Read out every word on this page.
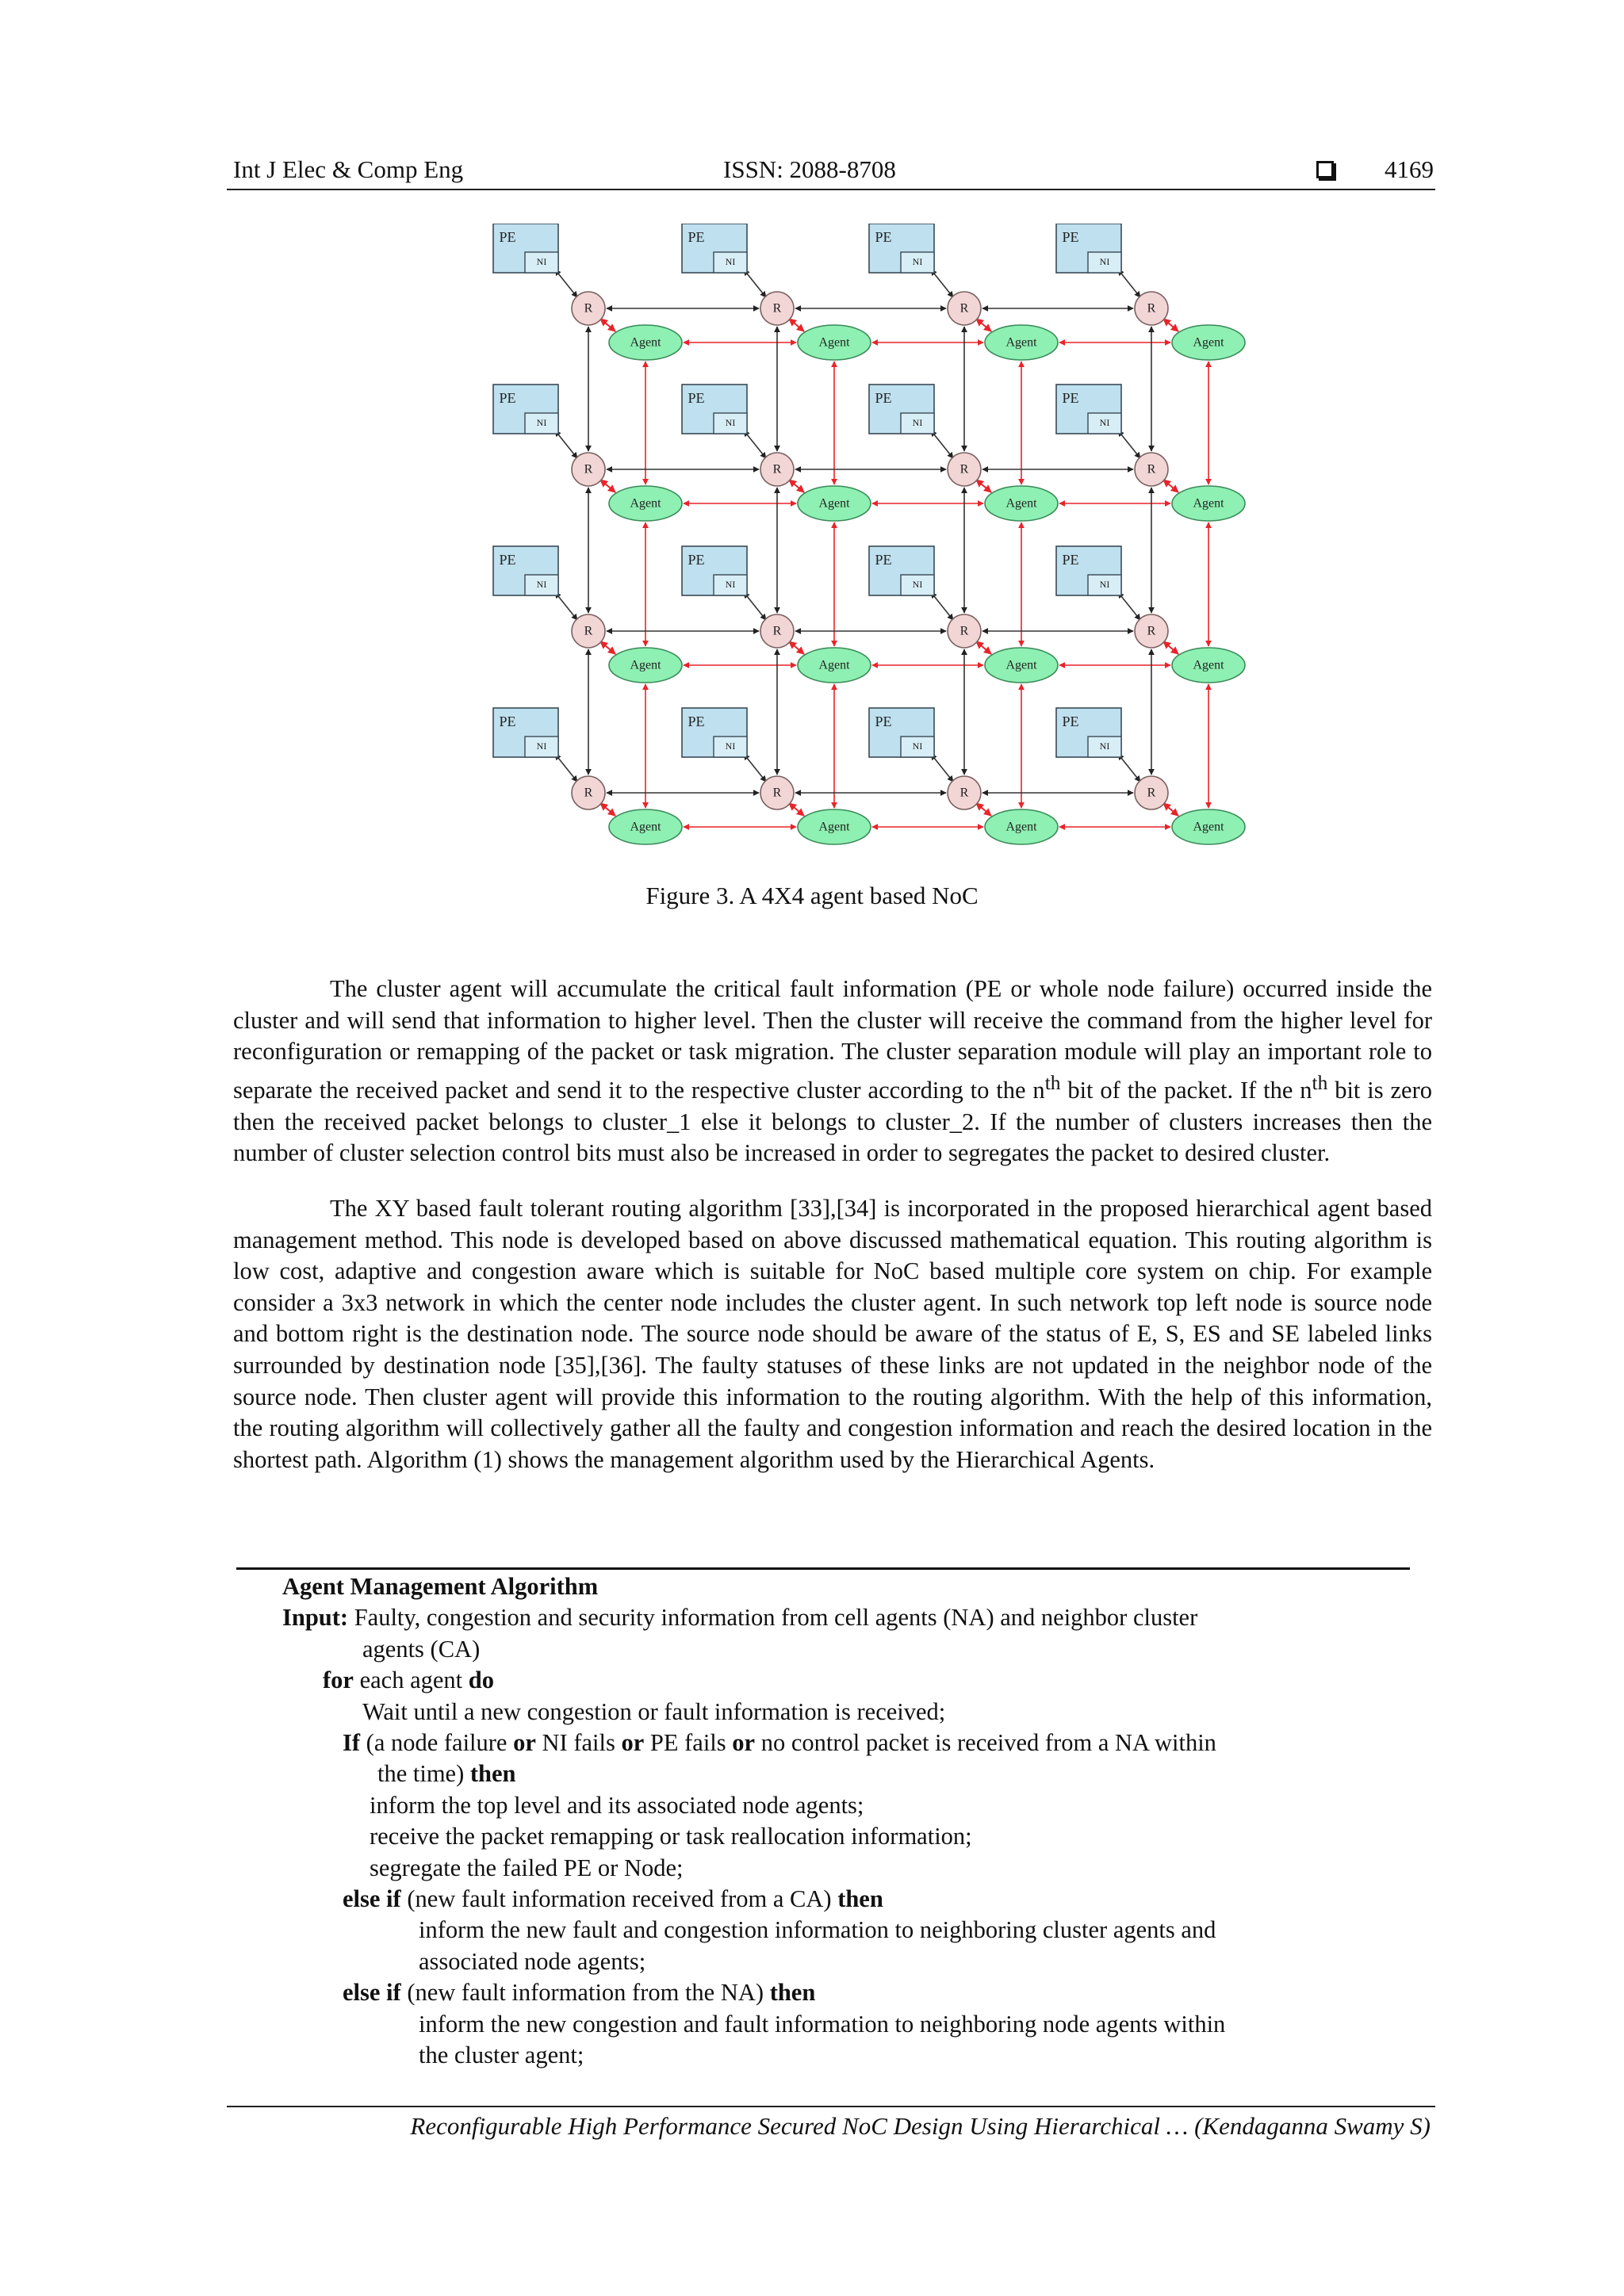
Int J Elec & Comp Eng	ISSN: 2088-8708	4169
PE
NI
R
Agent
PE
NI
R
Agent
PE
NI
R
Agent
PE
NI
R
Agent
PE
NI
R
Agent
PE
NI
R
Agent
PE
NI
R
Agent
PE
NI
R
Agent
PE
NI
R
Agent
PE
NI
R
Agent
PE
NI
R
Agent
PE
NI
R
Agent
PE
NI
R
Agent
PE
NI
R
Agent
PE
NI
R
Agent
PE
NI
R
Agent
Figure 3. A 4X4 agent based NoC

The cluster agent will accumulate the critical fault information (PE or whole node failure) occurred inside the cluster and will send that information to higher level. Then the cluster will receive the command from the higher level for reconfiguration or remapping of the packet or task migration. The cluster separation module will play an important role to separate the received packet and send it to the respective cluster according to the $n^{th}$ bit of the packet. If the $n^{th}$ bit is zero then the received packet belongs to cluster_1 else it belongs to cluster_2. If the number of clusters increases then the number of cluster selection control bits must also be increased in order to segregates the packet to desired cluster.

The XY based fault tolerant routing algorithm [33],[34] is incorporated in the proposed hierarchical agent based management method. This node is developed based on above discussed mathematical equation. This routing algorithm is low cost, adaptive and congestion aware which is suitable for NoC based multiple core system on chip. For example consider a 3x3 network in which the center node includes the cluster agent. In such network top left node is source node and bottom right is the destination node. The source node should be aware of the status of E, S, ES and SE labeled links surrounded by destination node [35],[36]. The faulty statuses of these links are not updated in the neighbor node of the source node. Then cluster agent will provide this information to the routing algorithm. With the help of this information, the routing algorithm will collectively gather all the faulty and congestion information and reach the desired location in the shortest path. Algorithm (1) shows the management algorithm used by the Hierarchical Agents.

Agent Management Algorithm
Input: Faulty, congestion and security information from cell agents (NA) and neighbor cluster
agents (CA)
for each agent do
Wait until a new congestion or fault information is received;
If (a node failure or NI fails or PE fails or no control packet is received from a NA within
the time) then
inform the top level and its associated node agents;
receive the packet remapping or task reallocation information;
segregate the failed PE or Node;
else if (new fault information received from a CA) then
inform the new fault and congestion information to neighboring cluster agents and
associated node agents;
else if (new fault information from the NA) then
inform the new congestion and fault information to neighboring node agents within
the cluster agent;
Reconfigurable High Performance Secured NoC Design Using Hierarchical … (Kendaganna Swamy S)
